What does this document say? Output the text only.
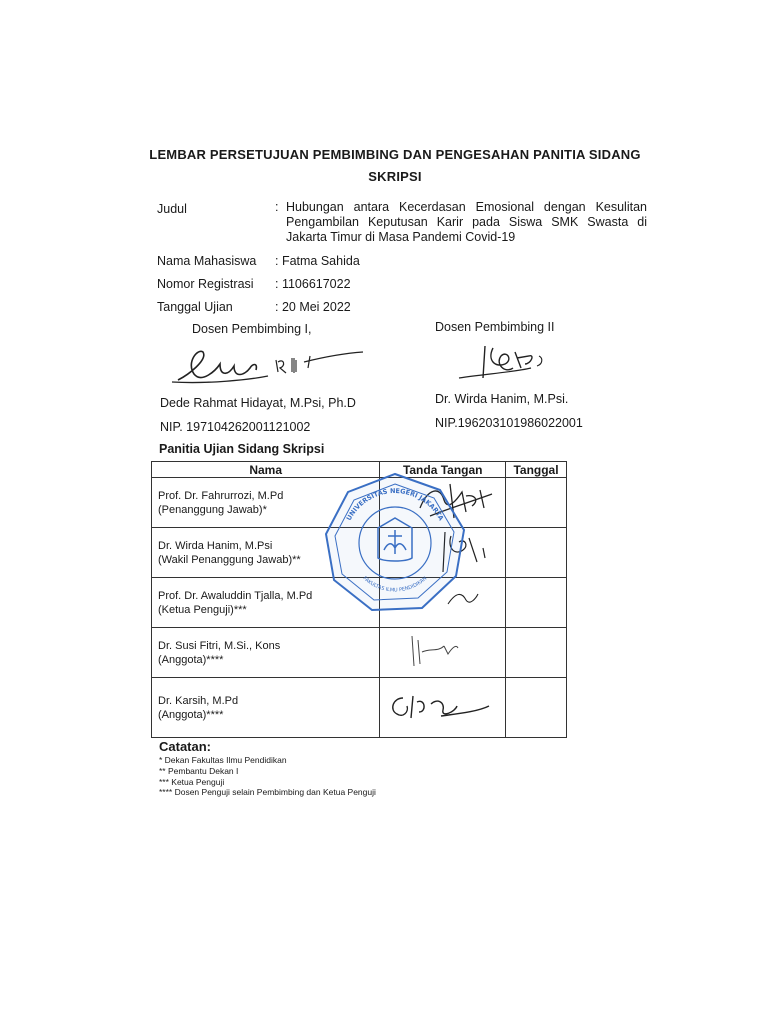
LEMBAR PERSETUJUAN PEMBIMBING DAN PENGESAHAN PANITIA SIDANG
SKRIPSI
Judul	: Hubungan antara Kecerdasan Emosional dengan Kesulitan Pengambilan Keputusan Karir pada Siswa SMK Swasta di Jakarta Timur di Masa Pandemi Covid-19
Nama Mahasiswa : Fatma Sahida
Nomor Registrasi : 1106617022
Tanggal Ujian	: 20 Mei 2022
Dosen Pembimbing I,	Dosen Pembimbing II
Dede Rahmat Hidayat, M.Psi, Ph.D	Dr. Wirda Hanim, M.Psi.
NIP. 197104262001121002	NIP.196203101986022001
Panitia Ujian Sidang Skripsi
Nama	Tanda Tangan	Tanggal

Prof. Dr. Fahrurrozi, M.Pd
(Penanggung Jawab)*		

Dr. Wirda Hanim, M.Psi
(Wakil Penanggung Jawab)**		

Prof. Dr. Awaluddin Tjalla, M.Pd
(Ketua Penguji)***		

Dr. Susi Fitri, M.Si., Kons
(Anggota)****		

Dr. Karsih, M.Pd
(Anggota)****		

UNIVERSITAS NEGERI JAKARTA
FAKULTAS ILMU PENDIDIKAN
Catatan:
* Dekan Fakultas Ilmu Pendidikan
** Pembantu Dekan I
*** Ketua Penguji
**** Dosen Penguji selain Pembimbing dan Ketua Penguji
